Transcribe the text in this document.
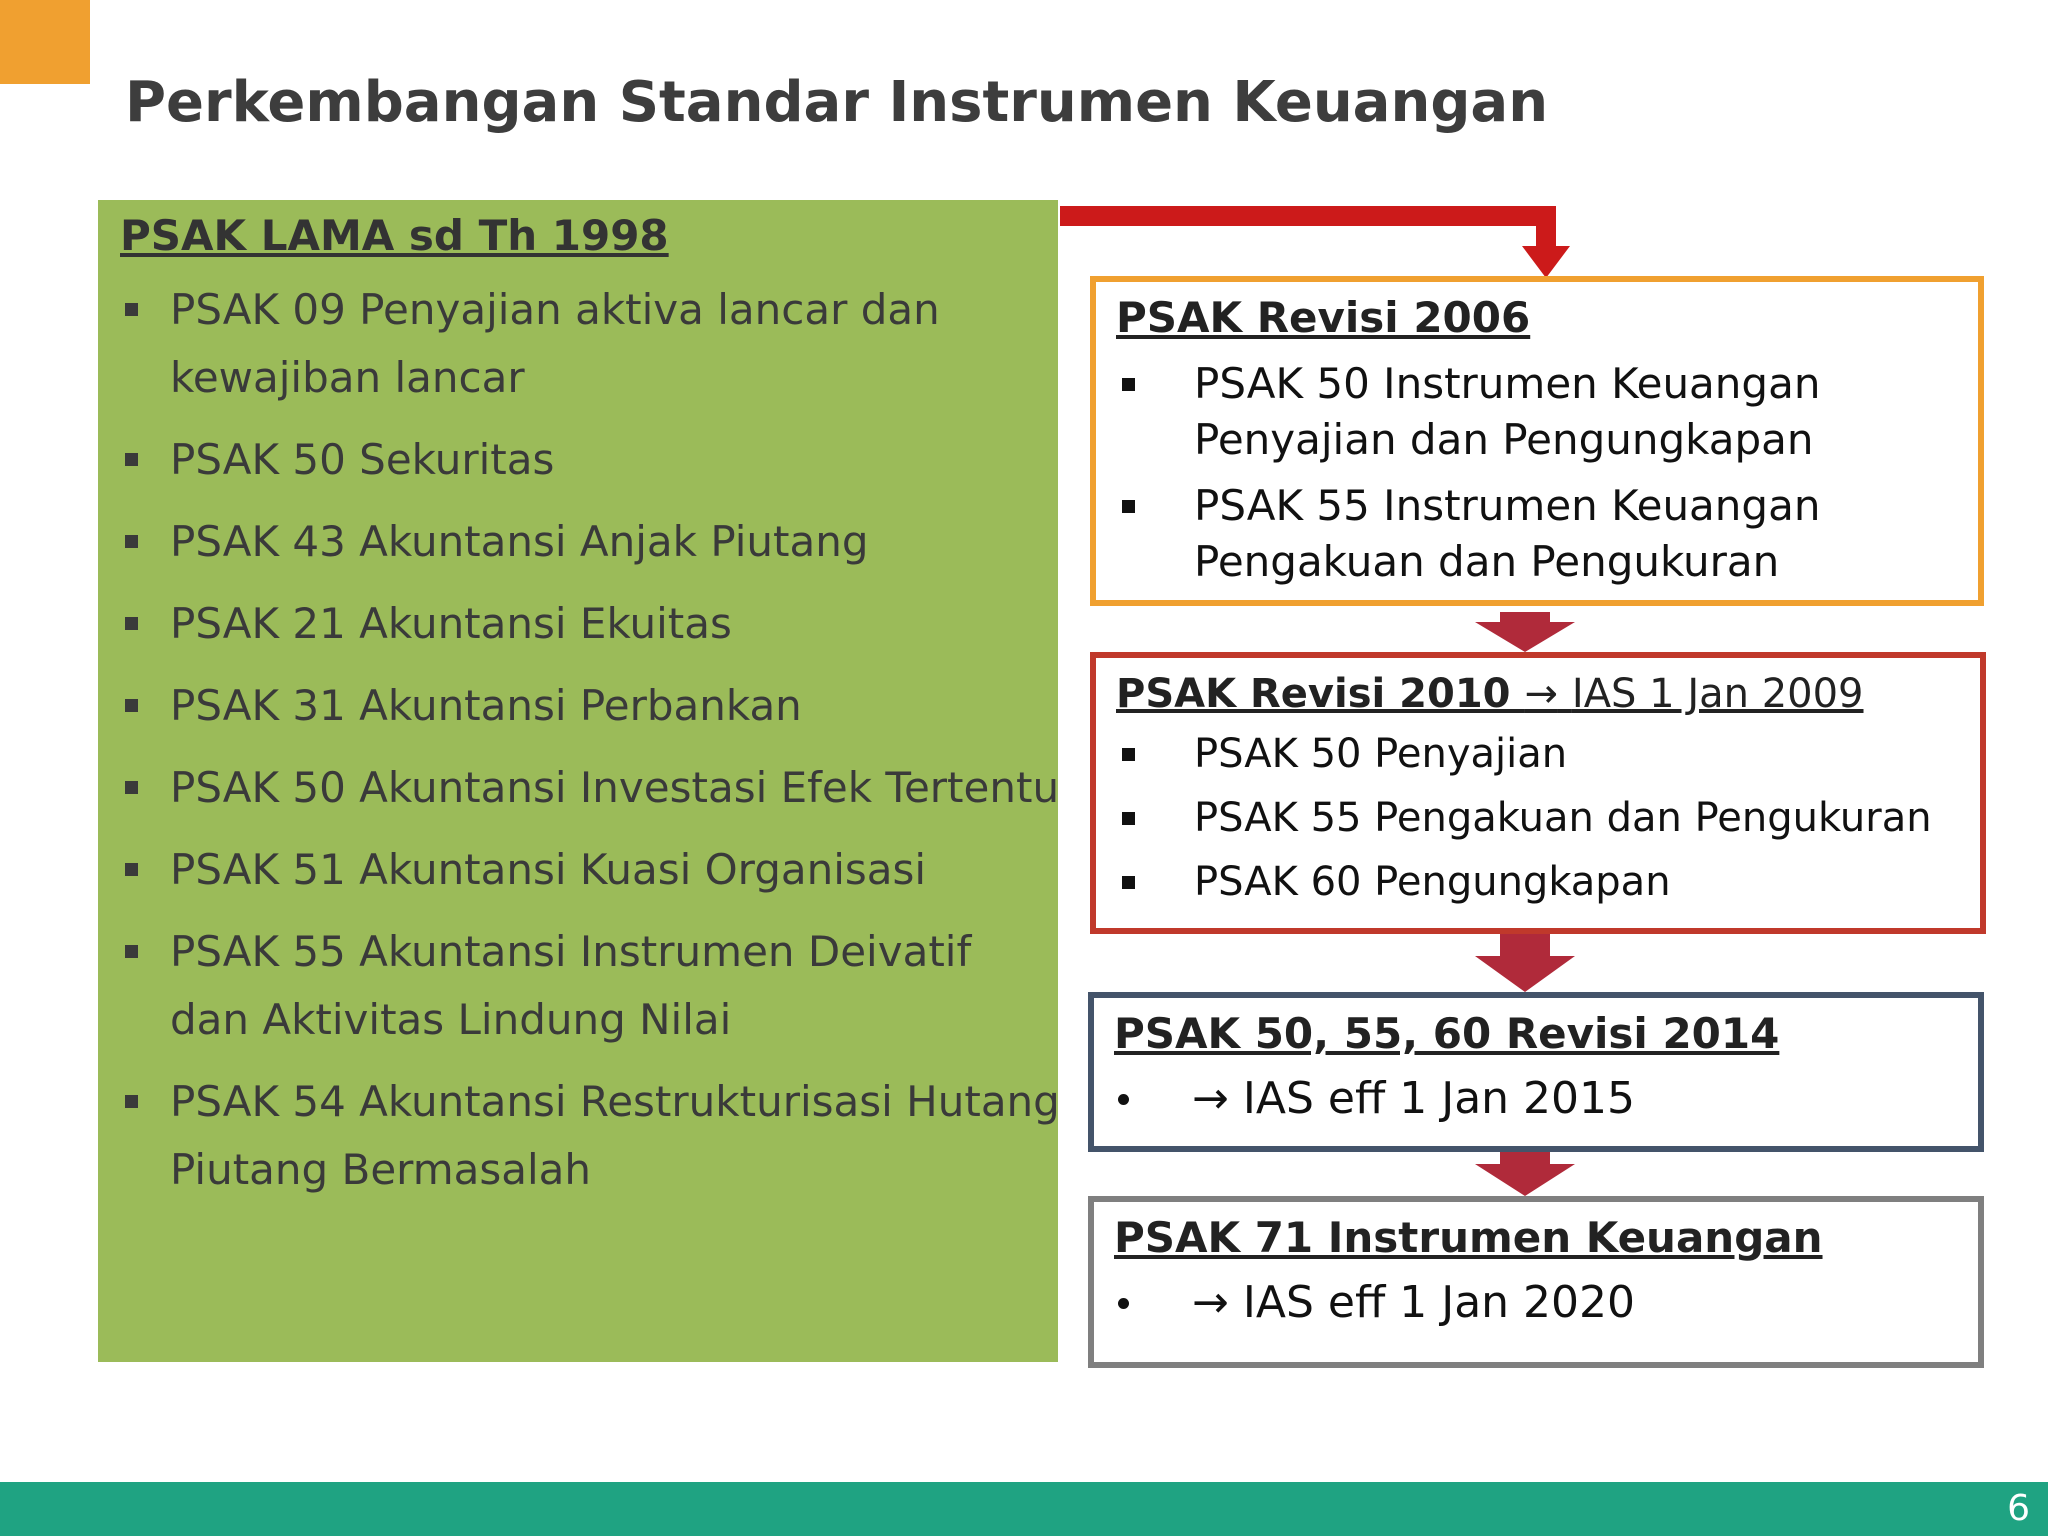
Perkembangan Standar Instrumen Keuangan
PSAK LAMA sd Th 1998
PSAK 09 Penyajian aktiva lancar dan
kewajiban lancar
PSAK 50 Sekuritas
PSAK 43 Akuntansi Anjak Piutang
PSAK 21 Akuntansi Ekuitas
PSAK 31 Akuntansi Perbankan
PSAK 50 Akuntansi Investasi Efek Tertentu
PSAK 51 Akuntansi Kuasi Organisasi
PSAK 55 Akuntansi Instrumen Deivatif
dan Aktivitas Lindung Nilai
PSAK 54 Akuntansi Restrukturisasi Hutang
Piutang Bermasalah
PSAK Revisi 2006
PSAK 50 Instrumen Keuangan
Penyajian dan Pengungkapan
PSAK 55 Instrumen Keuangan
Pengakuan dan Pengukuran
PSAK Revisi 2010 → IAS 1 Jan 2009
PSAK 50 Penyajian
PSAK 55 Pengakuan dan Pengukuran
PSAK 60 Pengungkapan
PSAK 50, 55, 60 Revisi 2014
→ IAS eff 1 Jan 2015
PSAK 71 Instrumen Keuangan
→ IAS eff 1 Jan 2020
6
